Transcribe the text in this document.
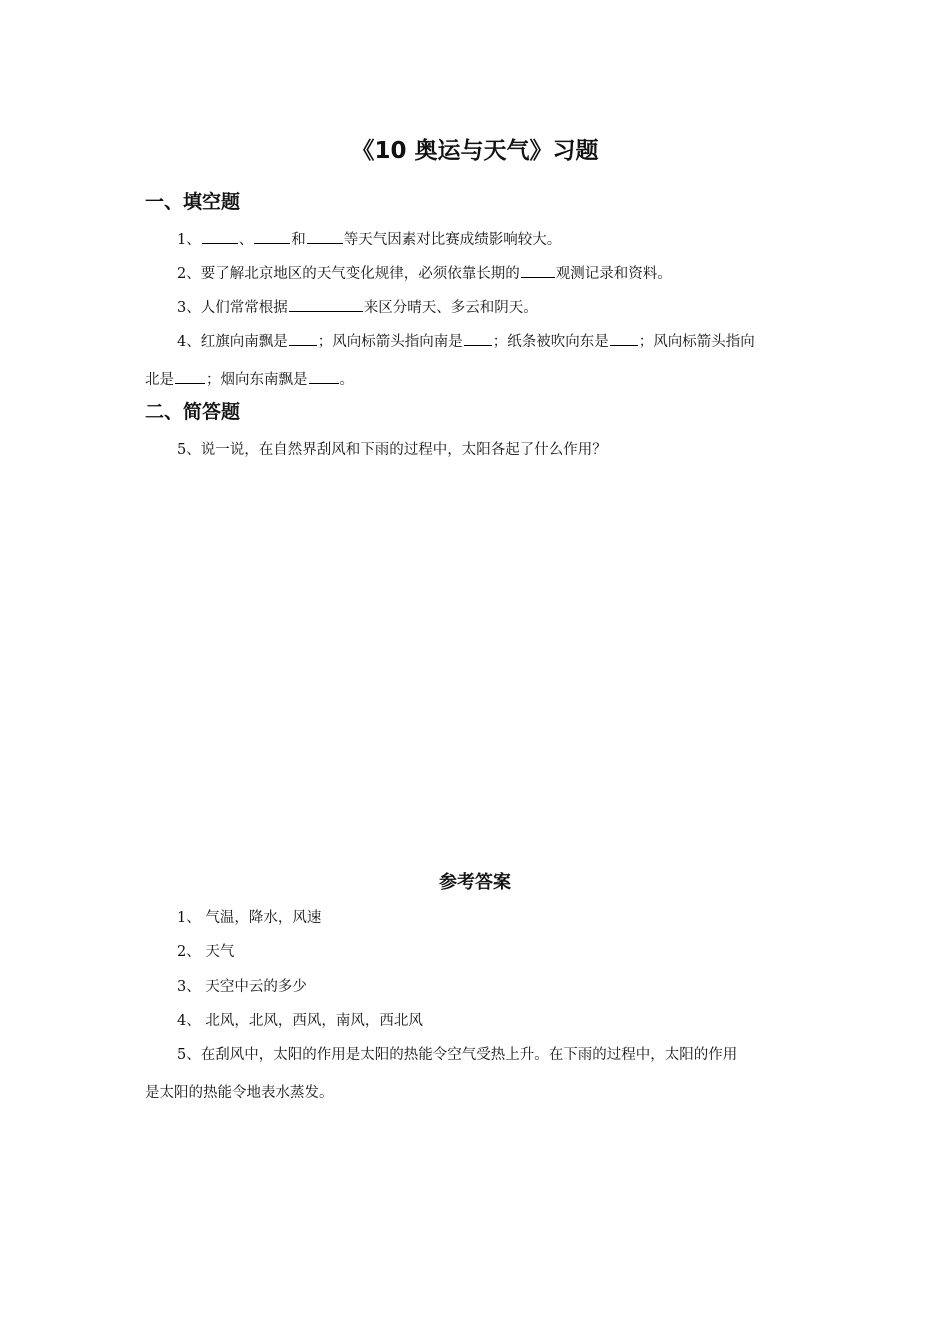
《10 奥运与天气》习题
一、填空题
1、	、	和	等天气因素对比赛成绩影响较大。
2、要了解北京地区的天气变化规律，必须依靠长期的 观测记录和资料。
3、人们常常根据	来区分晴天、多云和阴天。
4、红旗向南飘是 ；风向标箭头指向南是 ；纸条被吹向东是 ；风向标箭头指向
北是 ；烟向东南飘是 。
二、简答题
5、说一说，在自然界刮风和下雨的过程中，太阳各起了什么作用？
参考答案
1、 气温，降水，风速
2、 天气
3、 天空中云的多少
4、 北风，北风，西风，南风，西北风
5、在刮风中，太阳的作用是太阳的热能令空气受热上升。在下雨的过程中，太阳的作用
是太阳的热能令地表水蒸发。
